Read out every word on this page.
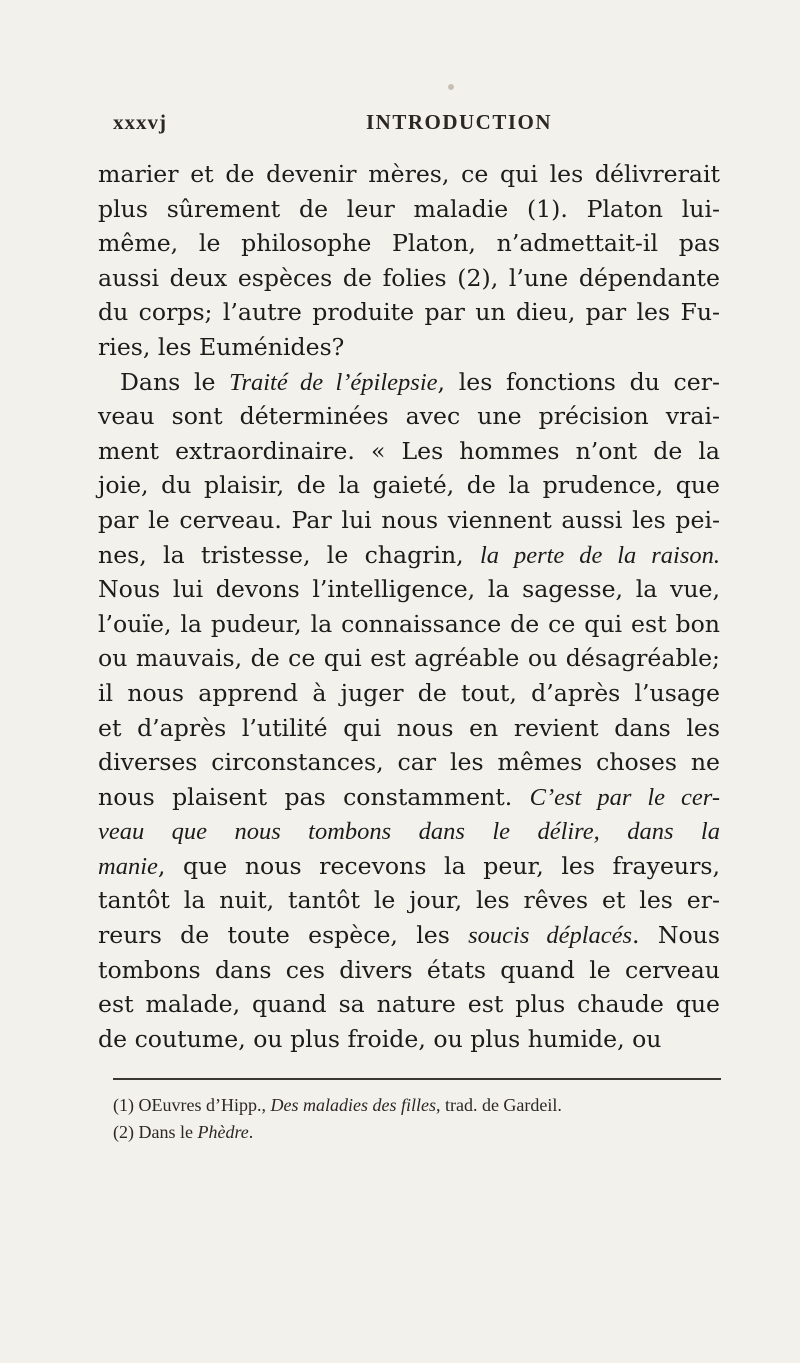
xxxvj	INTRODUCTION
marier et de devenir mères, ce qui les délivrerait
plus sûrement de leur maladie (1). Platon lui-
même, le philosophe Platon, n’admettait-il pas
aussi deux espèces de folies (2), l’une dépendante
du corps; l’autre produite par un dieu, par les Fu-
ries, les Euménides?
Dans le Traité de l’épilepsie, les fonctions du cer-
veau sont déterminées avec une précision vrai-
ment extraordinaire. « Les hommes n’ont de la
joie, du plaisir, de la gaieté, de la prudence, que
par le cerveau. Par lui nous viennent aussi les pei-
nes, la tristesse, le chagrin, la perte de la raison.
Nous lui devons l’intelligence, la sagesse, la vue,
l’ouïe, la pudeur, la connaissance de ce qui est bon
ou mauvais, de ce qui est agréable ou désagréable;
il nous apprend à juger de tout, d’après l’usage
et d’après l’utilité qui nous en revient dans les
diverses circonstances, car les mêmes choses ne
nous plaisent pas constamment. C’est par le cer-
veau que nous tombons dans le délire, dans la
manie, que nous recevons la peur, les frayeurs,
tantôt la nuit, tantôt le jour, les rêves et les er-
reurs de toute espèce, les soucis déplacés. Nous
tombons dans ces divers états quand le cerveau
est malade, quand sa nature est plus chaude que
de coutume, ou plus froide, ou plus humide, ou
(1) OEuvres d’Hipp., Des maladies des filles, trad. de Gardeil.
(2) Dans le Phèdre.
